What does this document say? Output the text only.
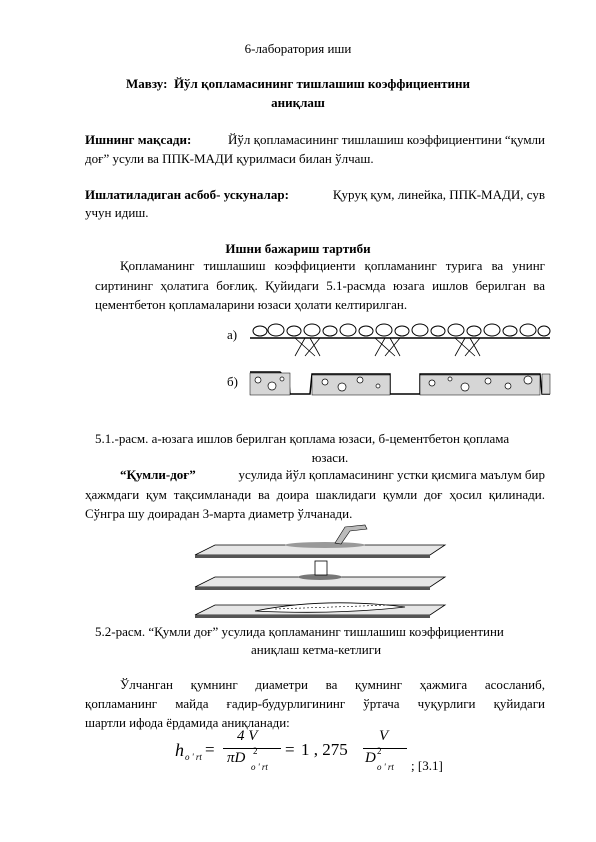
6-лаборатория иши
Мавзу: Йўл қопламасининг тишлашиш коэффициентини
аниқлаш
Ишнинг мақсади:	Йўл қопламасининг тишлашиш коэффициентини “қумли
доғ” усули ва ППК-МАДИ қурилмаси билан ўлчаш.
Ишлатиладиган асбоб- ускуналар:	Қуруқ қум, линейка, ППК-МАДИ, сув
учун идиш.
Ишни бажариш тартиби
Қопламанинг тишлашиш коэффициенти қопламанинг турига ва унинг
сиртининг ҳолатига боғлиқ. Қуйидаги 5.1-расмда юзага ишлов берилган ва
цементбетон қопламаларини юзаси ҳолати келтирилган.
а)
б)
5.1.-расм. а-юзага ишлов берилган қоплама юзаси, б-цементбетон қоплама
юзаси.
“Қумли-доғ”	усулида йўл қопламасининг устки қисмига маълум бир
ҳажмдаги қум тақсимланади ва доира шаклидаги қумли доғ ҳосил қилинади.
Сўнгра шу доирадан 3-марта диаметр ўлчанади.
5.2-расм. “Қумли доғ” усулида қопламанинг тишлашиш коэффициентини
аниқлаш кетма-кетлиги
Ўлчанган қумнинг диаметри ва қумнинг ҳажмига асосланиб,
қопламанинг майда ғадир-будурлигининг ўртача чуқурлиги қуйидаги
шартли ифода ёрдамида аниқланади:
h o ' rt =
4 V
πD 2
o ' rt
= 1 , 275
V
D 2
o ' rt ; [3.1]
